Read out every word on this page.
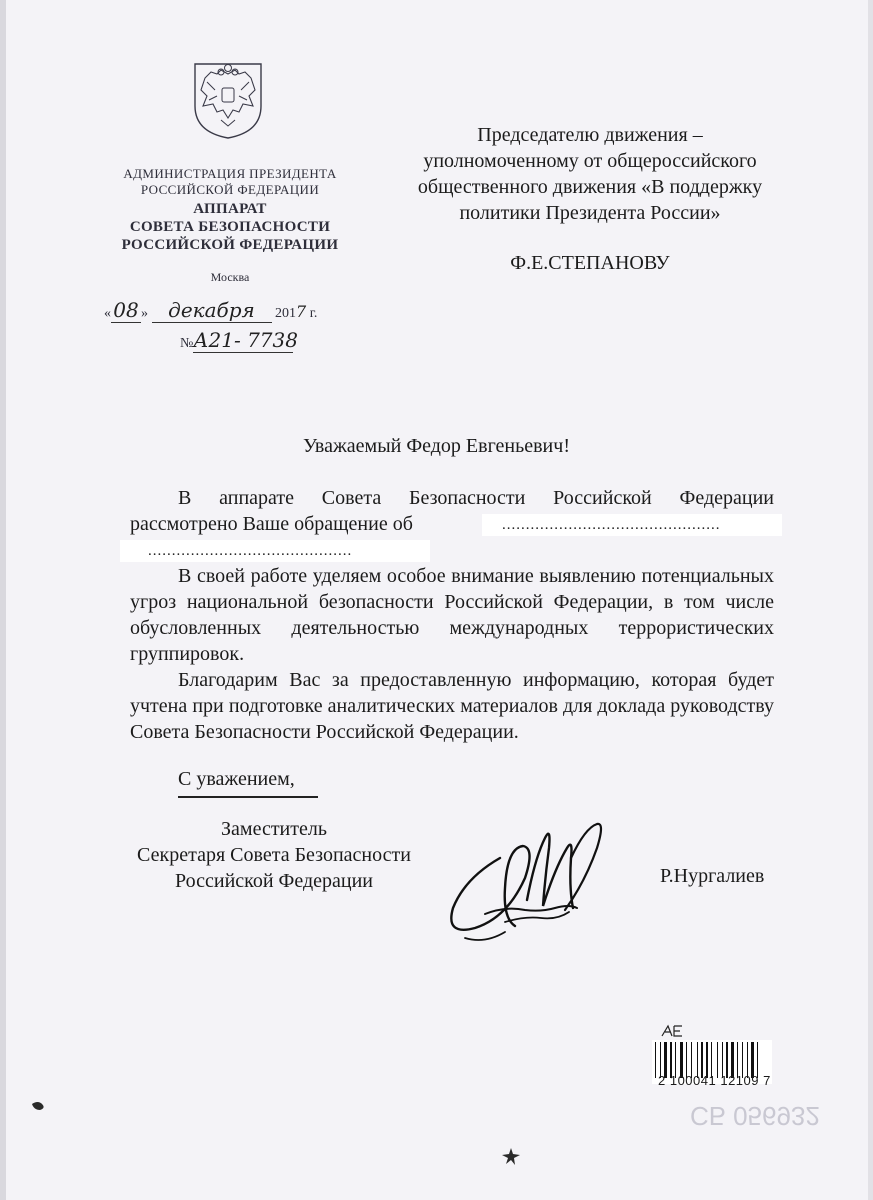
АДМИНИСТРАЦИЯ ПРЕЗИДЕНТА
РОССИЙСКОЙ ФЕДЕРАЦИИ
АППАРАТ
СОВЕТА БЕЗОПАСНОСТИ
РОССИЙСКОЙ ФЕДЕРАЦИИ
Москва
« 08 » декабря 2017 г.
№А21- 7738
Председателю движения –
уполномоченному от общероссийского
общественного движения «В поддержку
политики Президента России»
Ф.Е.СТЕПАНОВУ
Уважаемый Федор Евгеньевич!
В аппарате Совета Безопасности Российской Федерации
рассмотрено Ваше обращение об	..............................................
...........................................

В своей работе уделяем особое внимание выявлению потенциальных угроз национальной безопасности Российской Федерации, в том числе обусловленных деятельностью международных террористических группировок.

Благодарим Вас за предоставленную информацию, которая будет учтена при подготовке аналитических материалов для доклада руководству Совета Безопасности Российской Федерации.

С уважением,
Заместитель
Секретаря Совета Безопасности
Российской Федерации	Р.Нургалиев
2 100041 12109 7
СБ 056932
